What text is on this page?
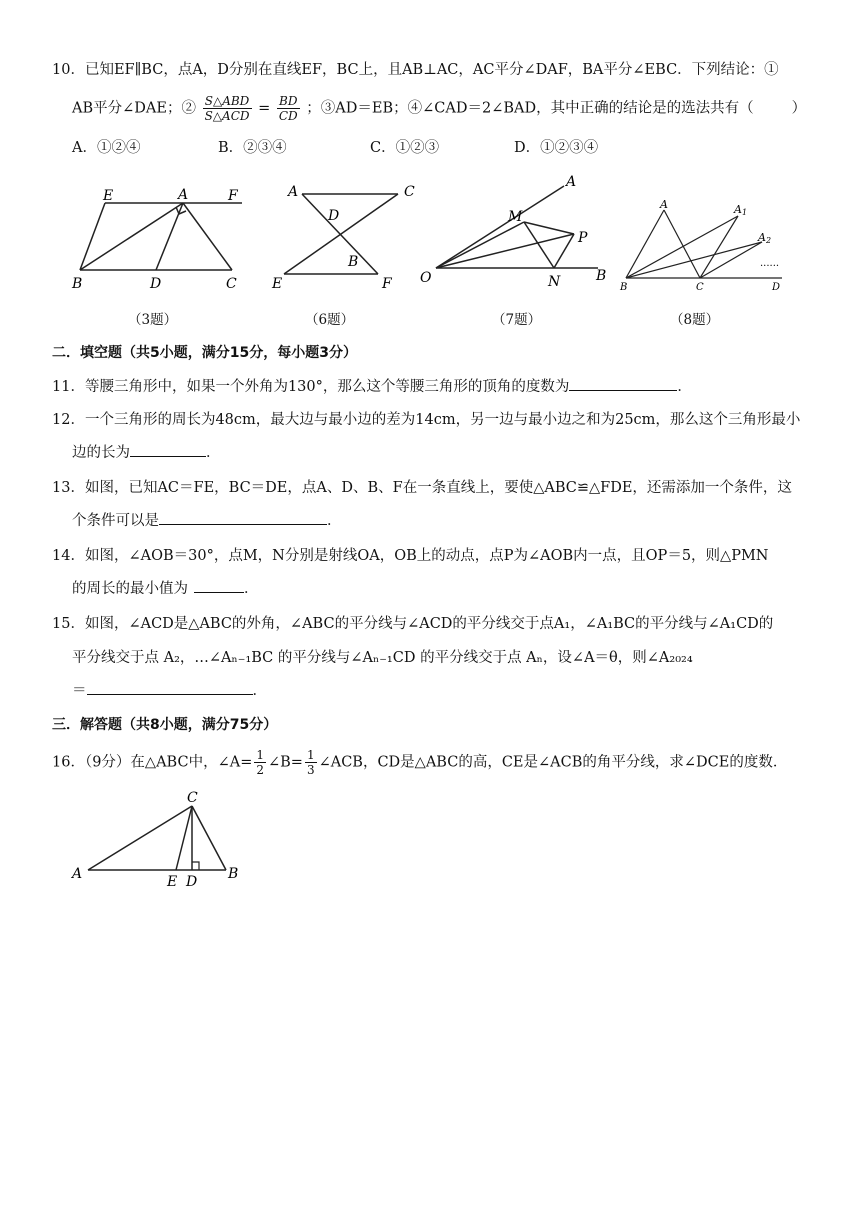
10．已知EF∥BC，点A，D分别在直线EF，BC上，且AB⊥AC，AC平分∠DAF，BA平分∠EBC．下列结论：①
AB平分∠DAE；② $\frac{\text{S△ABD}}{\text{S△ACD}} = \frac{BD}{CD}$ ；③AD＝EB；④∠CAD＝2∠BAD，其中正确的结论是的选法共有（	）
A．①②④	B．②③④	C．①②③	D．①②③④
E	A	F
B	D	C
A	C
D
B
E	F
A
M
P
O	N	B
A	A1
A2
......
B	C	D
（3题）	（6题）	（7题）	（8题）
二．填空题（共5小题，满分15分，每小题3分）
11．等腰三角形中，如果一个外角为130°，那么这个等腰三角形的顶角的度数为	．
12．一个三角形的周长为48cm，最大边与最小边的差为14cm，另一边与最小边之和为25cm，那么这个三角形最小
边的长为	．
13．如图，已知AC＝FE，BC＝DE，点A、D、B、F在一条直线上，要使△ABC≌△FDE，还需添加一个条件，这
个条件可以是	．
14．如图，∠AOB＝30°，点M，N分别是射线OA，OB上的动点，点P为∠AOB内一点，且OP＝5，则△PMN
的周长的最小值为	．
15．如图，∠ACD是△ABC的外角，∠ABC的平分线与∠ACD的平分线交于点A₁，∠A₁BC的平分线与∠A₁CD的
平分线交于点 A₂，…∠Aₙ₋₁BC 的平分线与∠Aₙ₋₁CD 的平分线交于点 Aₙ，设∠A＝θ，则∠A₂₀₂₄
＝	．
三．解答题（共8小题，满分75分）
16．（9分）在△ABC中，∠A= $\frac{1}{2}$ ∠B= $\frac{1}{3}$ ∠ACB，CD是△ABC的高，CE是∠ACB的角平分线，求∠DCE的度数．
C
A	E D B
